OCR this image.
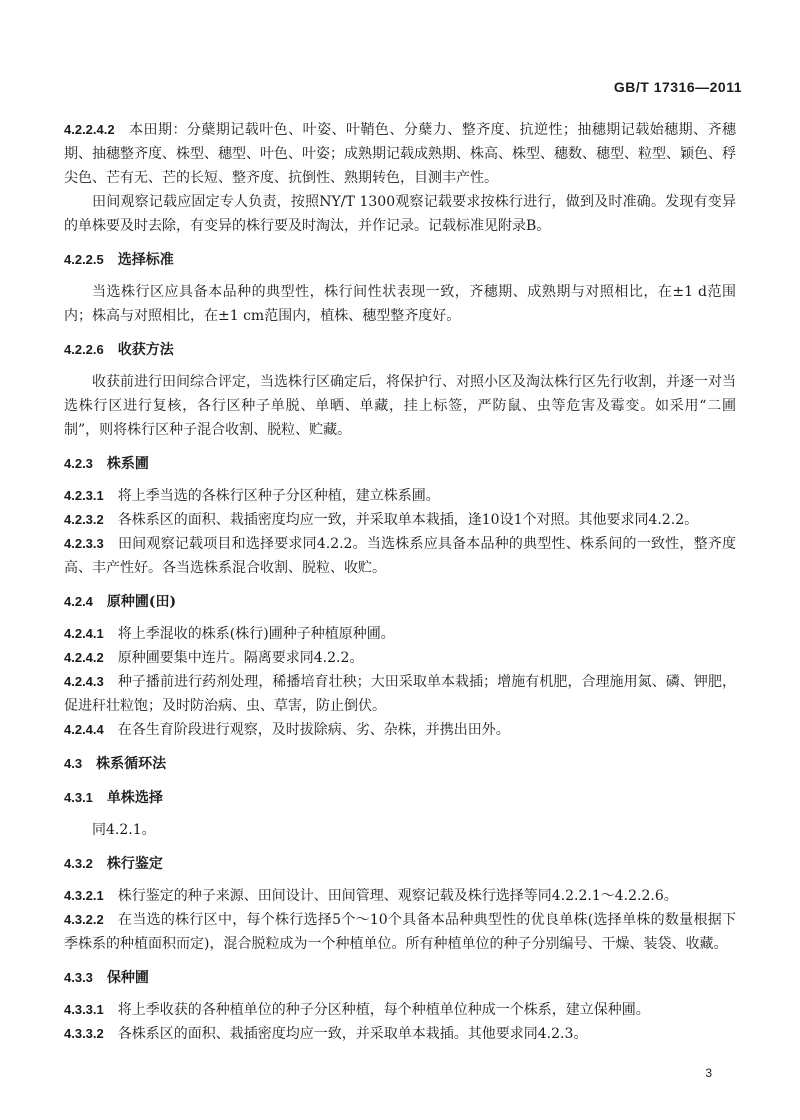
GB/T 17316—2011

4.2.2.4.2 本田期：分蘖期记载叶色、叶姿、叶鞘色、分蘖力、整齐度、抗逆性；抽穗期记载始穗期、齐穗期、抽穗整齐度、株型、穗型、叶色、叶姿；成熟期记载成熟期、株高、株型、穗数、穗型、粒型、颖色、稃尖色、芒有无、芒的长短、整齐度、抗倒性、熟期转色，目测丰产性。

田间观察记载应固定专人负责，按照NY/T 1300观察记载要求按株行进行，做到及时准确。发现有变异的单株要及时去除，有变异的株行要及时淘汰，并作记录。记载标准见附录B。

4.2.2.5 选择标准

当选株行区应具备本品种的典型性，株行间性状表现一致，齐穗期、成熟期与对照相比，在±1 d范围内；株高与对照相比，在±1 cm范围内，植株、穗型整齐度好。

4.2.2.6 收获方法

收获前进行田间综合评定，当选株行区确定后，将保护行、对照小区及淘汰株行区先行收割，并逐一对当选株行区进行复核，各行区种子单脱、单晒、单藏，挂上标签，严防鼠、虫等危害及霉变。如采用“二圃制”，则将株行区种子混合收割、脱粒、贮藏。

4.2.3 株系圃

4.2.3.1 将上季当选的各株行区种子分区种植，建立株系圃。

4.2.3.2 各株系区的面积、栽插密度均应一致，并采取单本栽插，逢10设1个对照。其他要求同4.2.2。

4.2.3.3 田间观察记载项目和选择要求同4.2.2。当选株系应具备本品种的典型性、株系间的一致性，整齐度高、丰产性好。各当选株系混合收割、脱粒、收贮。

4.2.4 原种圃(田)

4.2.4.1 将上季混收的株系(株行)圃种子种植原种圃。

4.2.4.2 原种圃要集中连片。隔离要求同4.2.2。

4.2.4.3 种子播前进行药剂处理，稀播培育壮秧；大田采取单本栽插；增施有机肥，合理施用氮、磷、钾肥，促进秆壮粒饱；及时防治病、虫、草害，防止倒伏。

4.2.4.4 在各生育阶段进行观察，及时拔除病、劣、杂株，并携出田外。

4.3 株系循环法

4.3.1 单株选择

同4.2.1。

4.3.2 株行鉴定

4.3.2.1 株行鉴定的种子来源、田间设计、田间管理、观察记载及株行选择等同4.2.2.1～4.2.2.6。

4.3.2.2 在当选的株行区中，每个株行选择5个～10个具备本品种典型性的优良单株(选择单株的数量根据下季株系的种植面积而定)，混合脱粒成为一个种植单位。所有种植单位的种子分别编号、干燥、装袋、收藏。

4.3.3 保种圃

4.3.3.1 将上季收获的各种植单位的种子分区种植，每个种植单位种成一个株系，建立保种圃。

4.3.3.2 各株系区的面积、栽插密度均应一致，并采取单本栽插。其他要求同4.2.3。

3
